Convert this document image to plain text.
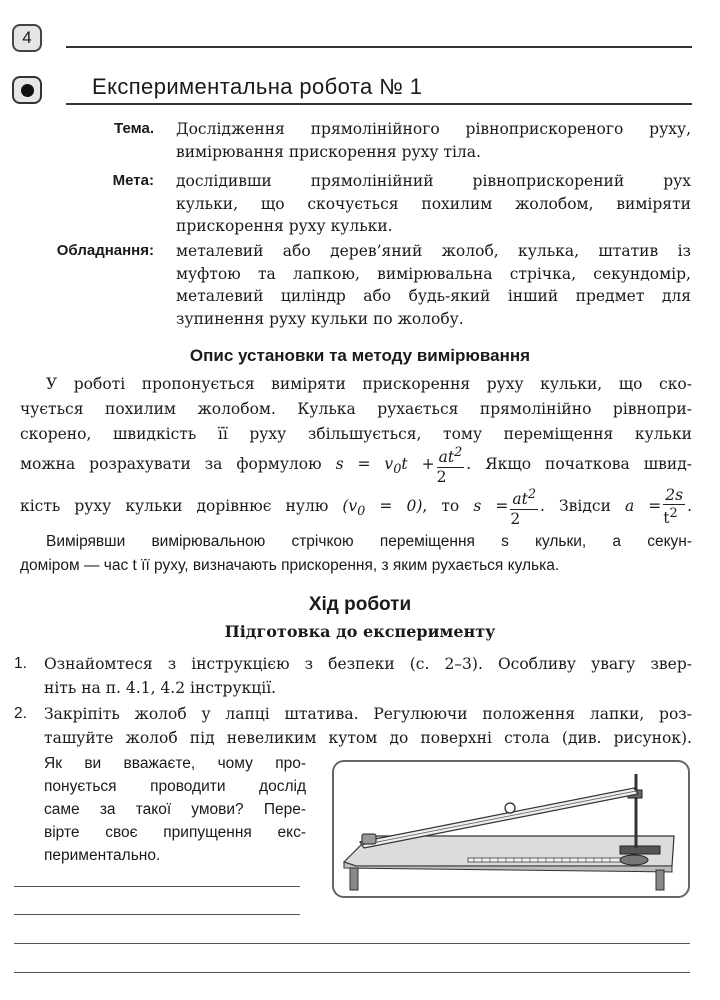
4
Експериментальна робота № 1
Тема. Дослідження прямолінійного рівноприскореного руху,
вимірювання прискорення руху тіла.
Мета: дослідивши прямолінійний рівноприскорений рух
кульки, що скочується похилим жолобом, виміряти
прискорення руху кульки.
Обладнання: металевий або дерев’яний жолоб, кулька, штатив із
муфтою та лапкою, вимірювальна стрічка, секундомір,
металевий циліндр або будь-який інший предмет для
зупинення руху кульки по жолобу.
Опис установки та методу вимірювання
У роботі пропонується виміряти прискорення руху кульки, що ско-
чується похилим жолобом. Кулька рухається прямолінійно рівнопри-
скорено, швидкість її руху збільшується, тому переміщення кульки
можна розрахувати за формулою $s = v_0t + \frac{at^2}{2}$ . Якщо початкова швид-
кість руху кульки дорівнює нулю $(v_0 = 0)$, то $s = \frac{at^2}{2}$ . Звідси $a = \frac{2s}{t^2}$ .
Вимірявши вимірювальною стрічкою переміщення s кульки, а секун-
доміром — час t її руху, визначають прискорення, з яким рухається кулька.
Хід роботи
Підготовка до експерименту
1. Ознайомтеся з інструкцією з безпеки (с. 2–3). Особливу увагу звер-
ніть на п. 4.1, 4.2 інструкції.
2. Закріпіть жолоб у лапці штатива. Регулюючи положення лапки, роз-
ташуйте жолоб під невеликим кутом до поверхні стола (див. рисунок).
Як ви вважаєте, чому про-
понується проводити дослід
саме за такої умови? Пере-
вірте своє припущення екс-
периментально.
